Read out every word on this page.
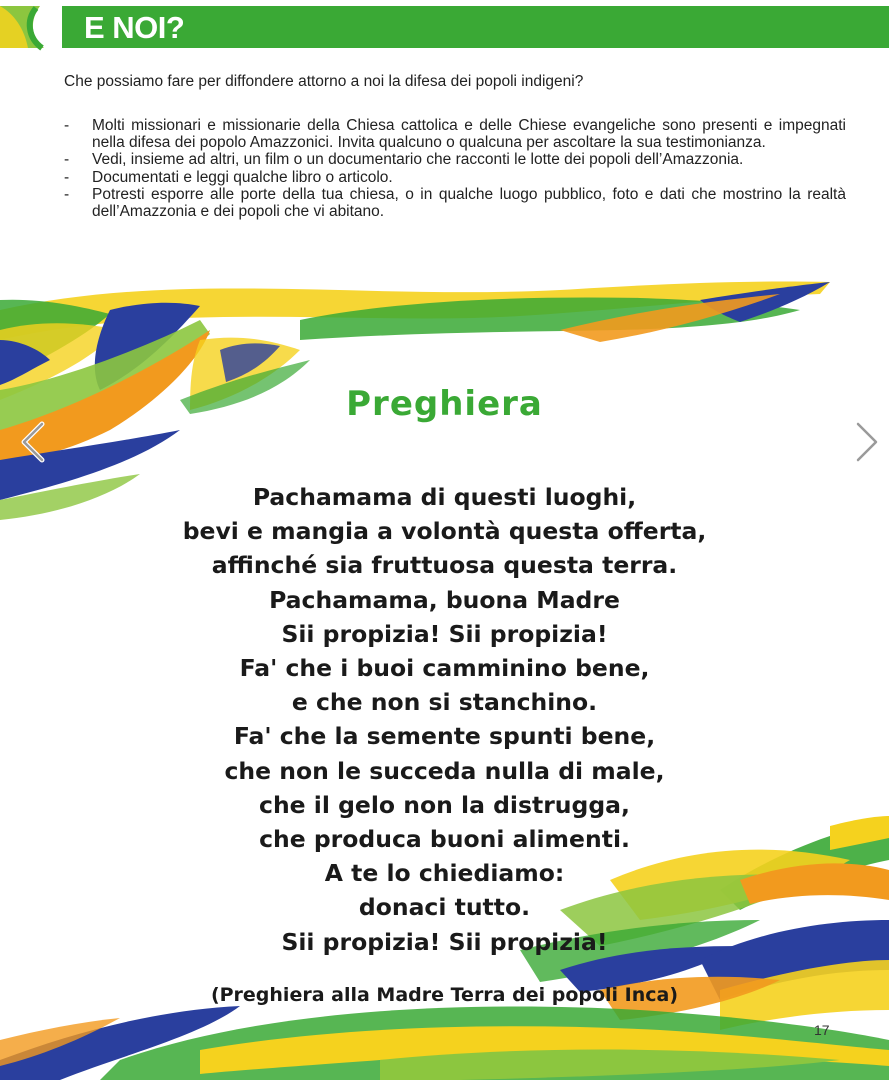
E NOI?
Che possiamo fare per diffondere attorno a noi la difesa dei popoli indigeni?
- Molti missionari e missionarie della Chiesa cattolica e delle Chiese evangeliche sono presenti e impegnati nella difesa dei popolo Amazzonici. Invita qualcuno o qualcuna per ascoltare la sua testimonianza.
- Vedi, insieme ad altri, un film o un documentario che racconti le lotte dei popoli dell’Amazzonia.
- Documentati e leggi qualche libro o articolo.
- Potresti esporre alle porte della tua chiesa, o in qualche luogo pubblico, foto e dati che mostrino la realtà dell’Amazzonia e dei popoli che vi abitano.
Preghiera
Pachamama di questi luoghi,
bevi e mangia a volontà questa offerta,
affinché sia fruttuosa questa terra.
Pachamama, buona Madre
Sii propizia! Sii propizia!
Fa' che i buoi camminino bene,
e che non si stanchino.
Fa' che la semente spunti bene,
che non le succeda nulla di male,
che il gelo non la distrugga,
che produca buoni alimenti.
A te lo chiediamo:
donaci tutto.
Sii propizia! Sii propizia!
(Preghiera alla Madre Terra dei popoli Inca)
17
